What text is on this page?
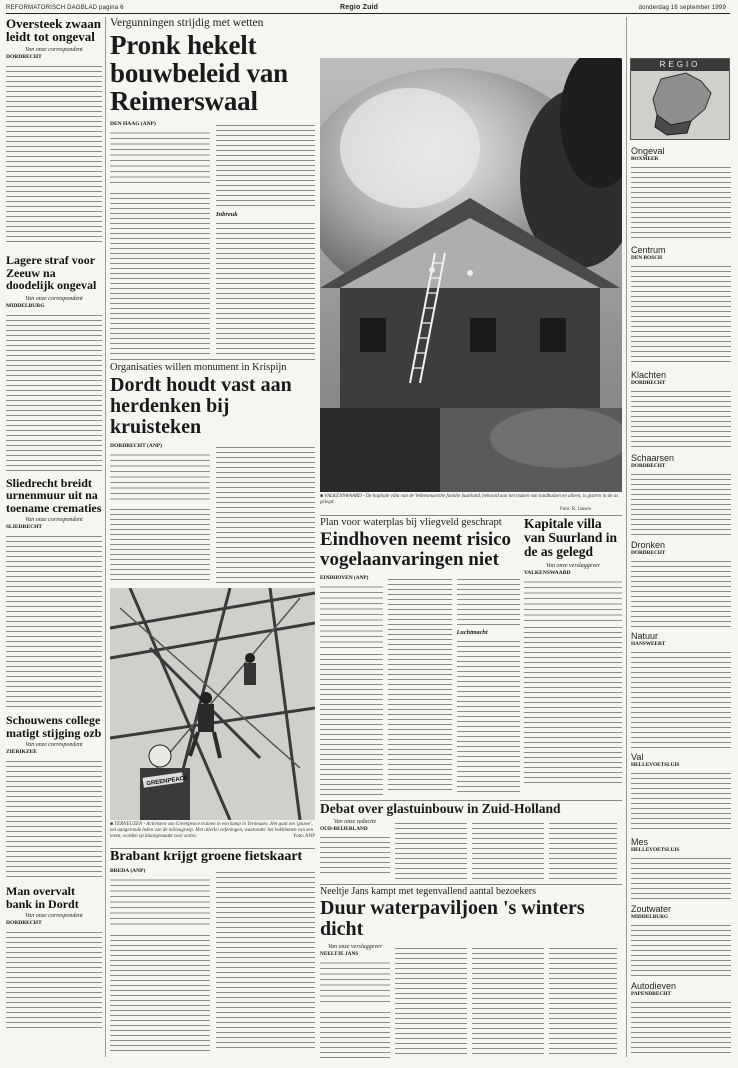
REFORMATORISCH DAGBLAD pagina 6	Regio Zuid	donderdag 16 september 1999
Oversteek zwaan leidt tot ongeval
Van onze correspondent
DORDRECHT
Lagere straf voor Zeeuw na doodelijk ongeval
Van onze correspondent
MIDDELBURG
Sliedrecht breidt urnenmuur uit na toename crematies
Van onze correspondent
SLIEDRECHT
Schouwens college matigt stijging ozb
Van onze correspondent
ZIERIKZEE
Man overvalt bank in Dordt
Van onze correspondent
DORDRECHT
Vergunningen strijdig met wetten
Pronk hekelt bouwbeleid van Reimerswaal
DEN HAAG (ANP)
Inbreuk
Organisaties willen monument in Krispijn
Dordt houdt vast aan herdenken bij kruisteken
DORDRECHT (ANP)
GREENPEACE
■ TERNEUZEN - Activisten van Greenpeace trainen in een kamp in Terneuzen. Het gaat om 'gouwe', net aangeronde leden van de milieugroep. Met allerlei oefeningen, waaronder het beklimmen van een toren, worden op klaargemaakt voor acties.	Foto: ANP
Brabant krijgt groene fietskaart
BREDA (ANP)
■ VALKENSWAARD - De haptiale villa van de Velbenmaorthe familie Suurland, behoord aan het maken van landhuizen en alleen, is gistern in de as gelegd.
Foto: R. Jansen
Plan voor waterplas bij vliegveld geschrapt
Eindhoven neemt risico vogelaanvaringen niet
EINDHOVEN (ANP)
Luchtmacht
Kapitale villa van Suurland in de as gelegd
Van onze verslaggever
VALKENSWAARD
Debat over glastuinbouw in Zuid-Holland
Van onze redactie
OUD-BEIJERLAND
Neeltje Jans kampt met tegenvallend aantal bezoekers
Duur waterpaviljoen 's winters dicht
Van onze verslaggever
NEELTJE JANS
REGIO
Ongeval
BOXMEER
Centrum
DEN BOSCH
Klachten
DORDRECHT
Schaarsen
DORDRECHT
Dronken
DORDRECHT
Natuur
HANSWEERT
Val
HELLEVOETSLUIS
Mes
HELLEVOETSLUIS
Zoutwater
MIDDELBURG
Autodieven
PAPENDRECHT
